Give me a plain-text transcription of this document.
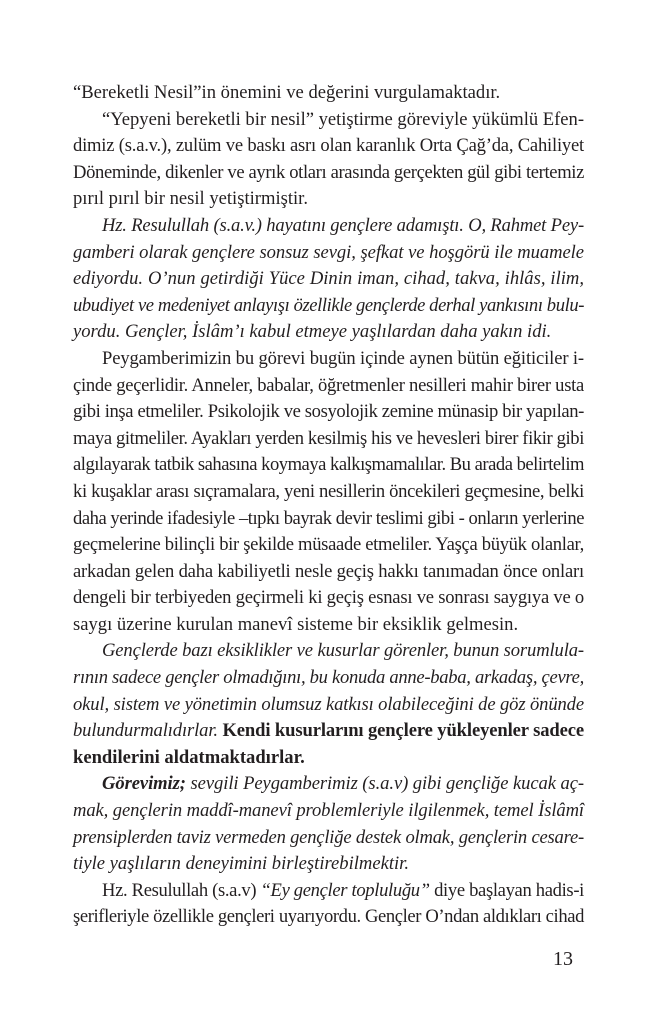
“Bereketli Nesil”in önemini ve değerini vurgulamaktadır.
“Yepyeni bereketli bir nesil” yetiştirme göreviyle yükümlü Efen-
dimiz (s.a.v.), zulüm ve baskı asrı olan karanlık Orta Çağ’da, Cahiliyet
Döneminde, dikenler ve ayrık otları arasında gerçekten gül gibi tertemiz
pırıl pırıl bir nesil yetiştirmiştir.
Hz. Resulullah (s.a.v.) hayatını gençlere adamıştı. O, Rahmet Pey-
gamberi olarak gençlere sonsuz sevgi, şefkat ve hoşgörü ile muamele
ediyordu. O’nun getirdiği Yüce Dinin iman, cihad, takva, ihlâs, ilim,
ubudiyet ve medeniyet anlayışı özellikle gençlerde derhal yankısını bulu-
yordu. Gençler, İslâm’ı kabul etmeye yaşlılardan daha yakın idi.
Peygamberimizin bu görevi bugün içinde aynen bütün eğiticiler i-
çinde geçerlidir. Anneler, babalar, öğretmenler nesilleri mahir birer usta
gibi inşa etmeliler. Psikolojik ve sosyolojik zemine münasip bir yapılan-
maya gitmeliler. Ayakları yerden kesilmiş his ve hevesleri birer fikir gibi
algılayarak tatbik sahasına koymaya kalkışmamalılar. Bu arada belirtelim
ki kuşaklar arası sıçramalara, yeni nesillerin öncekileri geçmesine, belki
daha yerinde ifadesiyle –tıpkı bayrak devir teslimi gibi - onların yerlerine
geçmelerine bilinçli bir şekilde müsaade etmeliler. Yaşça büyük olanlar,
arkadan gelen daha kabiliyetli nesle geçiş hakkı tanımadan önce onları
dengeli bir terbiyeden geçirmeli ki geçiş esnası ve sonrası saygıya ve o
saygı üzerine kurulan manevî sisteme bir eksiklik gelmesin.
Gençlerde bazı eksiklikler ve kusurlar görenler, bunun sorumlula-
rının sadece gençler olmadığını, bu konuda anne-baba, arkadaş, çevre,
okul, sistem ve yönetimin olumsuz katkısı olabileceğini de göz önünde
bulundurmalıdırlar. Kendi kusurlarını gençlere yükleyenler sadece
kendilerini aldatmaktadırlar.
Görevimiz; sevgili Peygamberimiz (s.a.v) gibi gençliğe kucak aç-
mak, gençlerin maddî-manevî problemleriyle ilgilenmek, temel İslâmî
prensiplerden taviz vermeden gençliğe destek olmak, gençlerin cesare-
tiyle yaşlıların deneyimini birleştirebilmektir.
Hz. Resulullah (s.a.v) “Ey gençler topluluğu” diye başlayan hadis-i
şerifleriyle özellikle gençleri uyarıyordu. Gençler O’ndan aldıkları cihad
13
